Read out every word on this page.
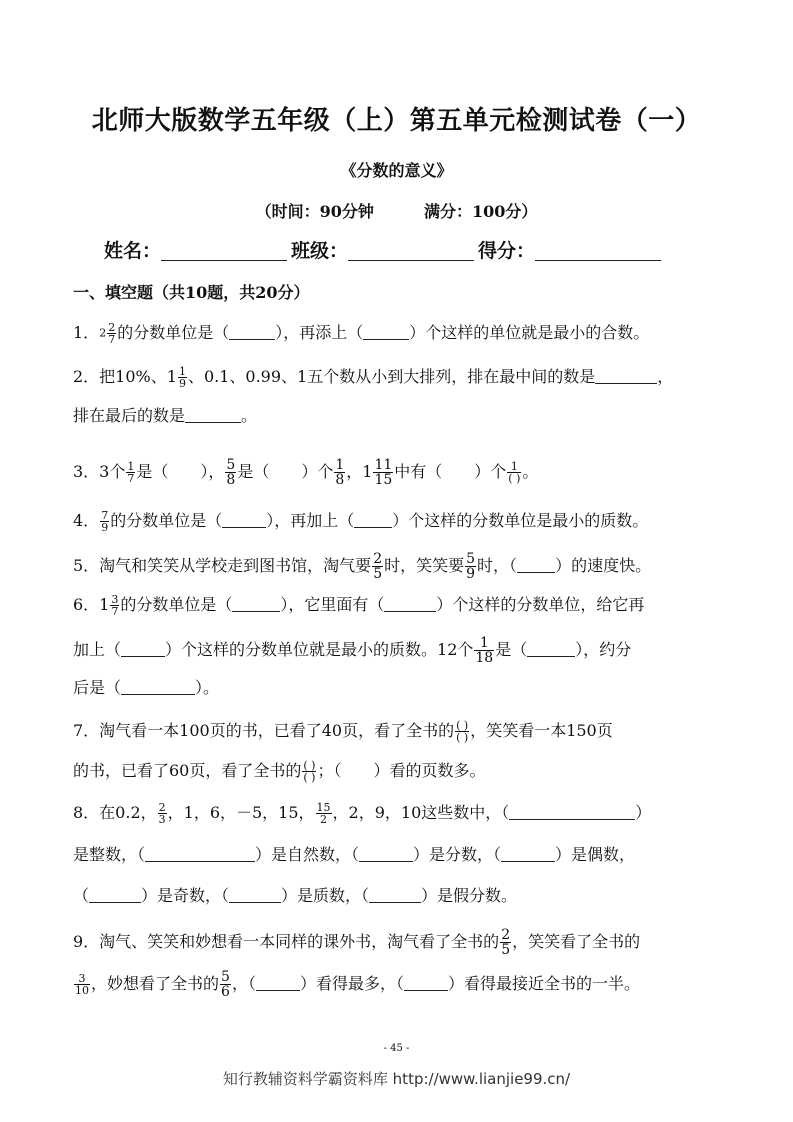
北师大版数学五年级（上）第五单元检测试卷（一）
《分数的意义》
（时间：90分钟	满分：100分）
姓名：	班级：	得分：
一、填空题（共10题，共20分）
1．$2 \frac{2}{7}$ 的分数单位是（	），再添上（	）个这样的单位就是最小的合数。
2．把10%、$1 \frac{1}{9}$ 、0.1、0.99、1五个数从小到大排列，排在最中间的数是	，
排在最后的数是	。
3．3个 $\frac{1}{7}$ 是（　　）， $\frac{5}{8}$ 是（　　）个 $\frac{1}{8}$ ，$1 \frac{11}{15}$ 中有（　　）个 $\frac{1}{( )}$ 。
4． $\frac{7}{9}$ 的分数单位是（	），再加上（ ）个这样的分数单位是最小的质数。
5．淘气和笑笑从学校走到图书馆，淘气要 $\frac{2}{5}$ 时，笑笑要 $\frac{5}{9}$ 时，（ ）的速度快。
6．$1 \frac{3}{7}$ 的分数单位是（	），它里面有（	）个这样的分数单位，给它再
加上（	）个这样的分数单位就是最小的质数。12个 $\frac{1}{18}$ 是（	），约分
后是（	）。
7．淘气看一本100页的书，已看了40页，看了全书的 $\frac{( )}{( )}$ ，笑笑看一本150页
的书，已看了60页，看了全书的 $\frac{( )}{( )}$ ；（　　）看的页数多。
8．在0.2， $\frac{2}{3}$ ，1，6，－5，15， $\frac{15}{2}$ ，2，9，10这些数中，（	）
是整数，（	）是自然数，（	）是分数，（	）是偶数，
（	）是奇数，（	）是质数，（	）是假分数。
9．淘气、笑笑和妙想看一本同样的课外书，淘气看了全书的 $\frac{2}{5}$ ，笑笑看了全书的
$\frac{3}{10}$ ，妙想看了全书的 $\frac{5}{6}$ ，（	）看得最多，（	）看得最接近全书的一半。
- 45 -
知行教辅资料学霸资料库 http://www.lianjie99.cn/
